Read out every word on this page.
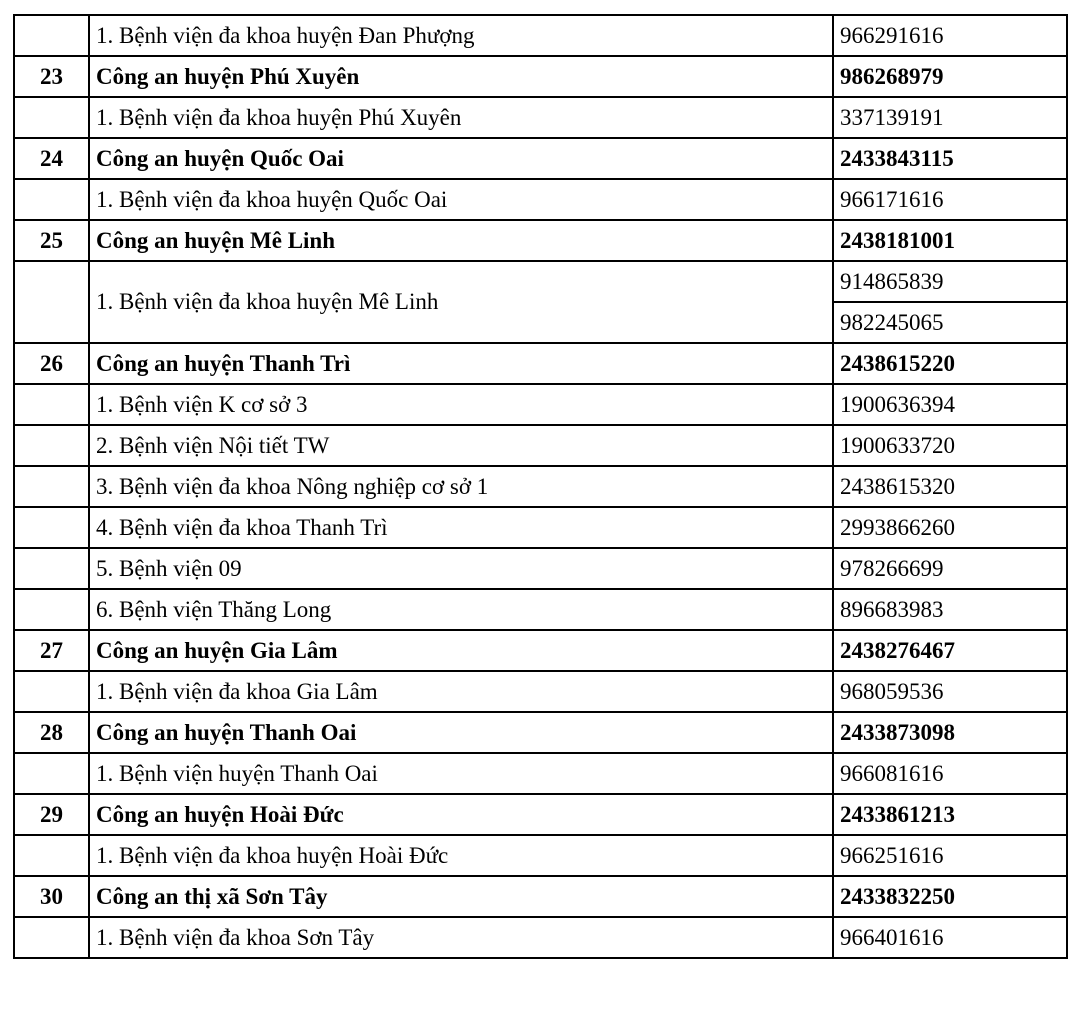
	1. Bệnh viện đa khoa huyện Đan Phượng	966291616
23	Công an huyện Phú Xuyên	986268979
	1. Bệnh viện đa khoa huyện Phú Xuyên	337139191
24	Công an huyện Quốc Oai	2433843115
	1. Bệnh viện đa khoa huyện Quốc Oai	966171616
25	Công an huyện Mê Linh	2438181001
	1. Bệnh viện đa khoa huyện Mê Linh	914865839
		982245065
26	Công an huyện Thanh Trì	2438615220
	1. Bệnh viện K cơ sở 3	1900636394
	2. Bệnh viện Nội tiết TW	1900633720
	3. Bệnh viện đa khoa Nông nghiệp cơ sở 1	2438615320
	4. Bệnh viện đa khoa Thanh Trì	2993866260
	5. Bệnh viện 09	978266699
	6. Bệnh viện Thăng Long	896683983
27	Công an huyện Gia Lâm	2438276467
	1. Bệnh viện đa khoa Gia Lâm	968059536
28	Công an huyện Thanh Oai	2433873098
	1. Bệnh viện huyện Thanh Oai	966081616
29	Công an huyện Hoài Đức	2433861213
	1. Bệnh viện đa khoa huyện Hoài Đức	966251616
30	Công an thị xã Sơn Tây	2433832250
	1. Bệnh viện đa khoa Sơn Tây	966401616
